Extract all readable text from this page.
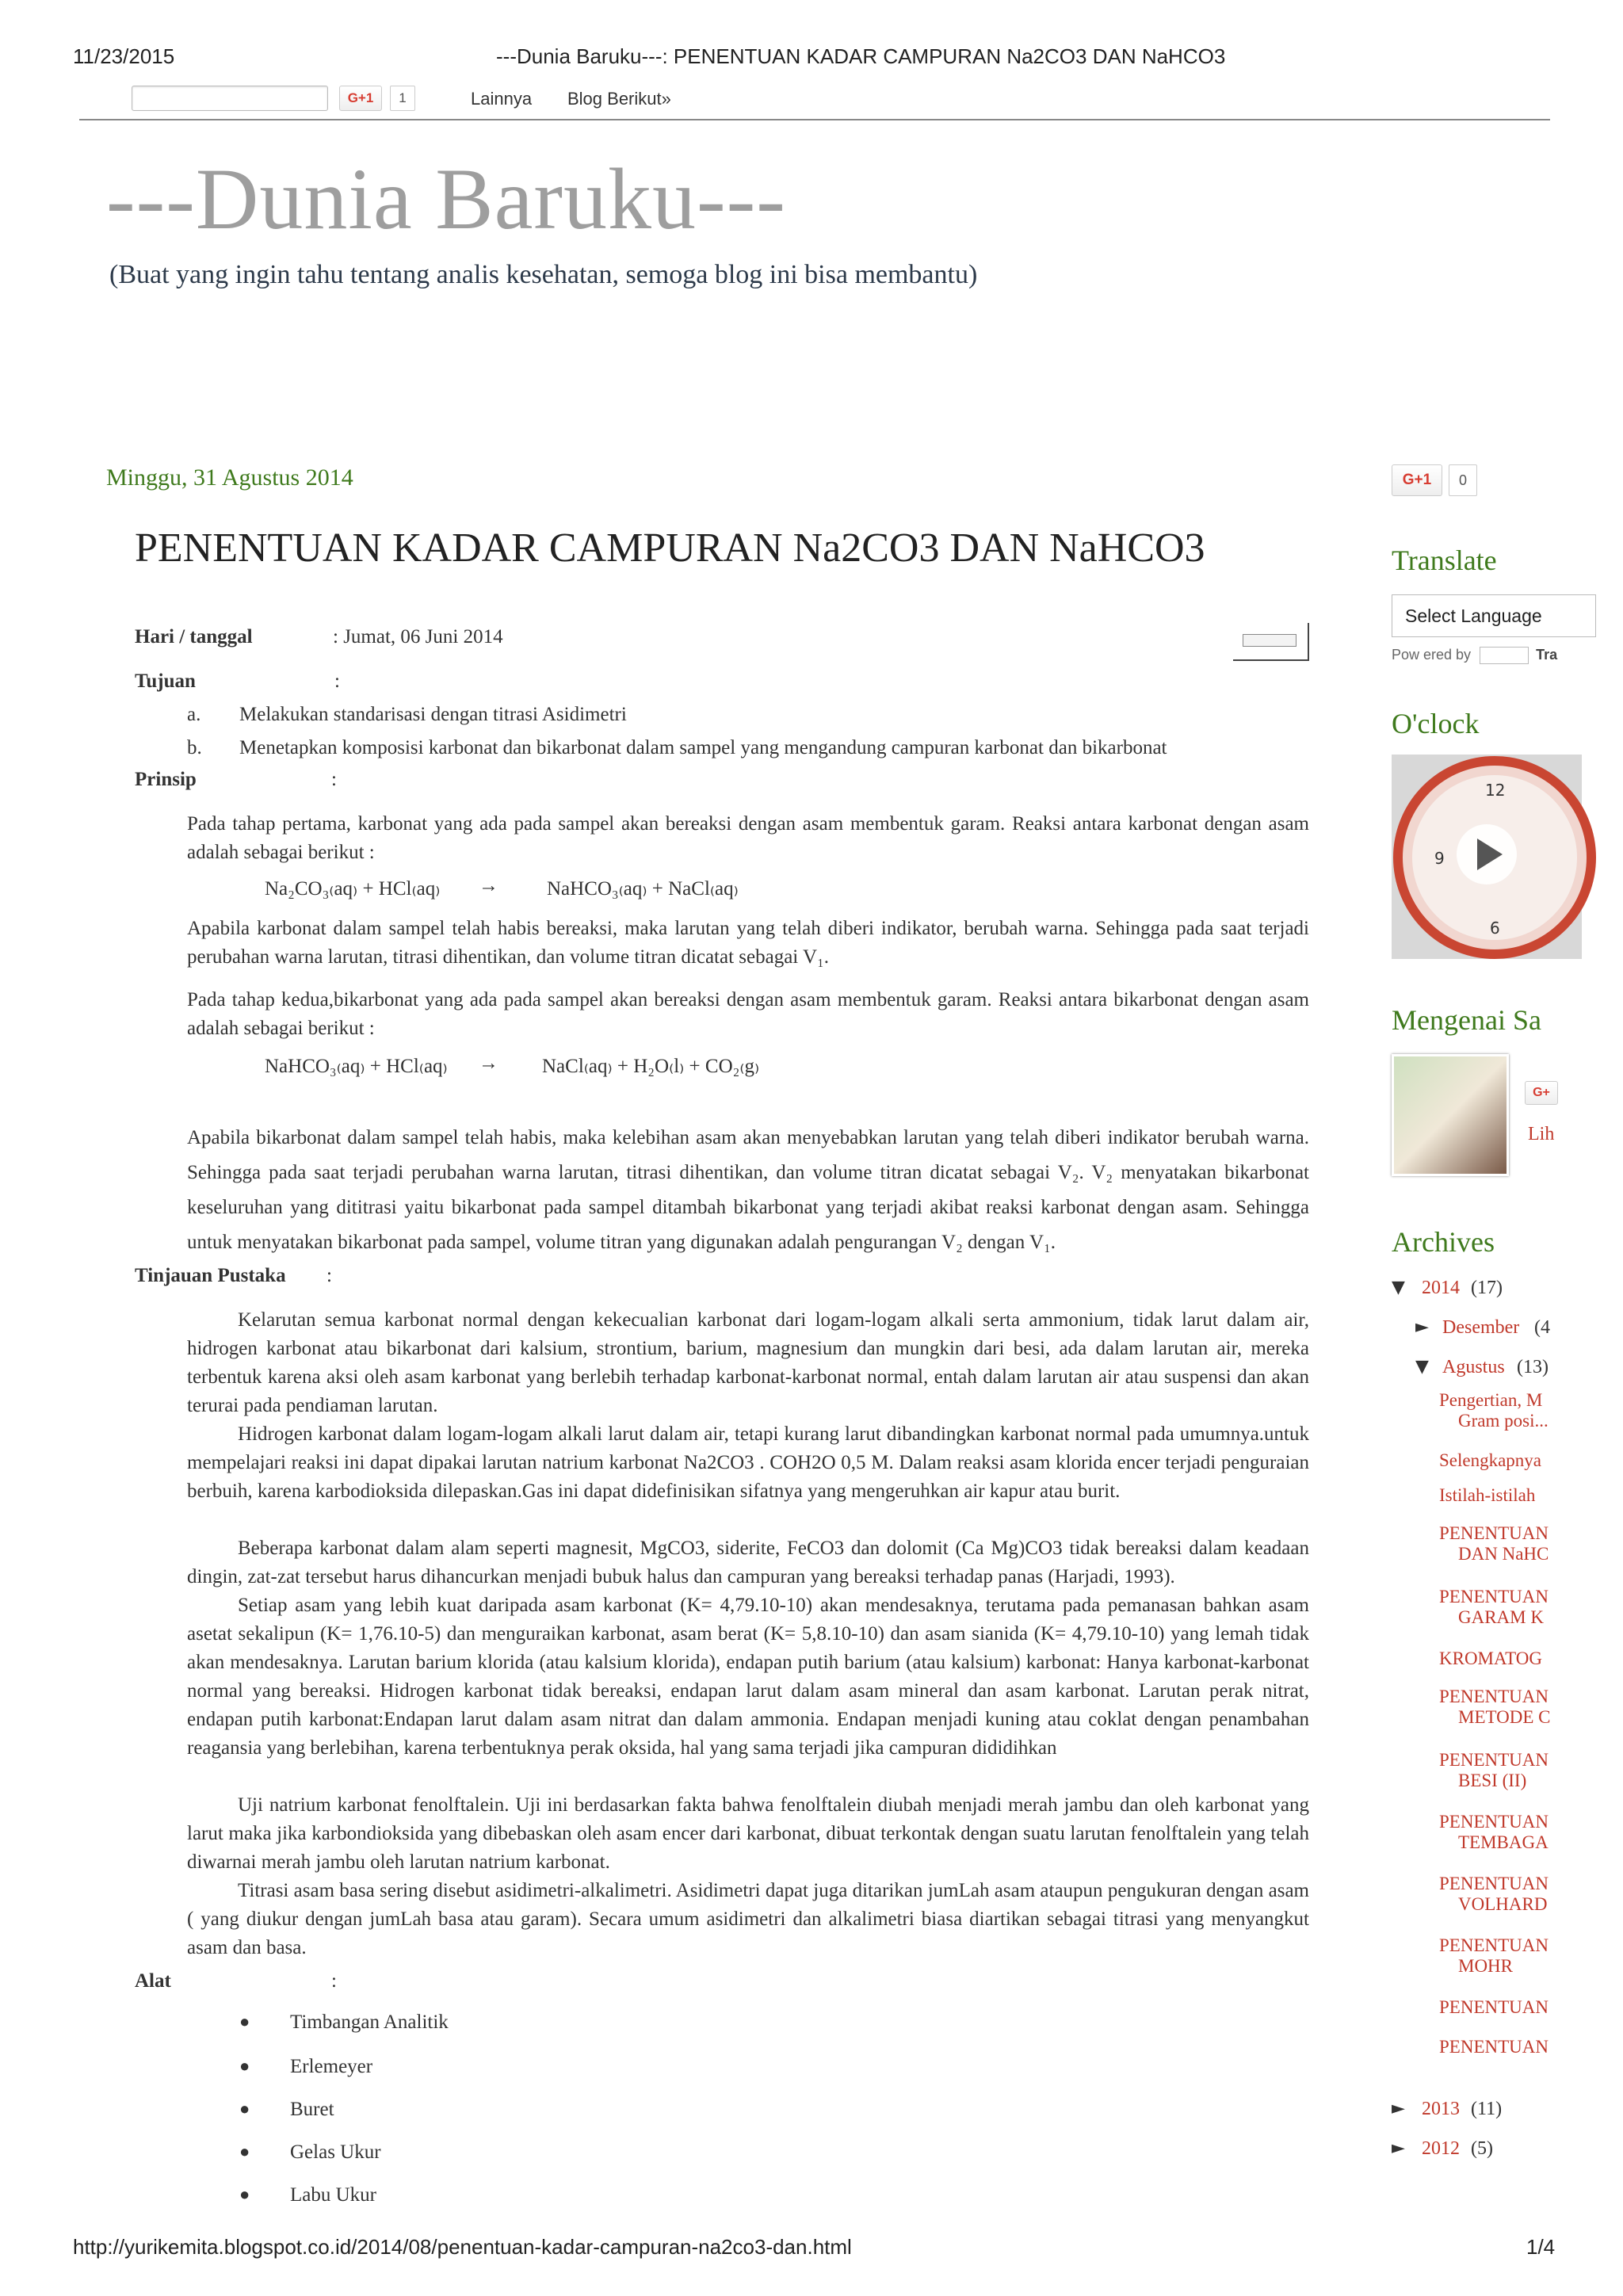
11/23/2015	---Dunia Baruku---: PENENTUAN KADAR CAMPURAN Na2CO3 DAN NaHCO3
G+1	1	Lainnya Blog Berikut»
---Dunia Baruku---
(Buat yang ingin tahu tentang analis kesehatan, semoga blog ini bisa membantu)
Minggu, 31 Agustus 2014
PENENTUAN KADAR CAMPURAN Na2CO3 DAN NaHCO3
Hari / tanggal	: Jumat, 06 Juni 2014
Tujuan	:
a. Melakukan standarisasi dengan titrasi Asidimetri
b. Menetapkan komposisi karbonat dan bikarbonat dalam sampel yang mengandung campuran karbonat dan bikarbonat
Prinsip	:
Pada tahap pertama, karbonat yang ada pada sampel akan bereaksi dengan asam membentuk garam. Reaksi antara karbonat dengan asam adalah sebagai berikut :
Na₂CO₃₍aq₎ + HCl₍aq₎ → NaHCO₃₍aq₎ + NaCl₍aq₎
Apabila karbonat dalam sampel telah habis bereaksi, maka larutan yang telah diberi indikator, berubah warna. Sehingga pada saat terjadi perubahan warna larutan, titrasi dihentikan, dan volume titran dicatat sebagai V₁.
Pada tahap kedua,bikarbonat yang ada pada sampel akan bereaksi dengan asam membentuk garam. Reaksi antara bikarbonat dengan asam adalah sebagai berikut :
NaHCO₃₍aq₎ + HCl₍aq₎ → NaCl₍aq₎ + H₂O₍l₎ + CO₂₍g₎
Apabila bikarbonat dalam sampel telah habis, maka kelebihan asam akan menyebabkan larutan yang telah diberi indikator berubah warna. Sehingga pada saat terjadi perubahan warna larutan, titrasi dihentikan, dan volume titran dicatat sebagai V₂. V₂ menyatakan bikarbonat keseluruhan yang dititrasi yaitu bikarbonat pada sampel ditambah bikarbonat yang terjadi akibat reaksi karbonat dengan asam. Sehingga untuk menyatakan bikarbonat pada sampel, volume titran yang digunakan adalah pengurangan V₂ dengan V₁.
Tinjauan Pustaka :
Kelarutan semua karbonat normal dengan kekecualian karbonat dari logam-logam alkali serta ammonium, tidak larut dalam air, hidrogen karbonat atau bikarbonat dari kalsium, strontium, barium, magnesium dan mungkin dari besi, ada dalam larutan air, mereka terbentuk karena aksi oleh asam karbonat yang berlebih terhadap karbonat-karbonat normal, entah dalam larutan air atau suspensi dan akan terurai pada pendiaman larutan.
Hidrogen karbonat dalam logam-logam alkali larut dalam air, tetapi kurang larut dibandingkan karbonat normal pada umumnya.untuk mempelajari reaksi ini dapat dipakai larutan natrium karbonat Na2CO3 . COH2O 0,5 M. Dalam reaksi asam klorida encer terjadi penguraian berbuih, karena karbodioksida dilepaskan.Gas ini dapat didefinisikan sifatnya yang mengeruhkan air kapur atau burit.
Beberapa karbonat dalam alam seperti magnesit, MgCO3, siderite, FeCO3 dan dolomit (Ca Mg)CO3 tidak bereaksi dalam keadaan dingin, zat-zat tersebut harus dihancurkan menjadi bubuk halus dan campuran yang bereaksi terhadap panas (Harjadi, 1993).
Setiap asam yang lebih kuat daripada asam karbonat (K= 4,79.10-10) akan mendesaknya, terutama pada pemanasan bahkan asam asetat sekalipun (K= 1,76.10-5) dan menguraikan karbonat, asam berat (K= 5,8.10-10) dan asam sianida (K= 4,79.10-10) yang lemah tidak akan mendesaknya. Larutan barium klorida (atau kalsium klorida), endapan putih barium (atau kalsium) karbonat: Hanya karbonat-karbonat normal yang bereaksi. Hidrogen karbonat tidak bereaksi, endapan larut dalam asam mineral dan asam karbonat. Larutan perak nitrat, endapan putih karbonat:Endapan larut dalam asam nitrat dan dalam ammonia. Endapan menjadi kuning atau coklat dengan penambahan reagansia yang berlebihan, karena terbentuknya perak oksida, hal yang sama terjadi jika campuran dididihkan
Uji natrium karbonat fenolftalein. Uji ini berdasarkan fakta bahwa fenolftalein diubah menjadi merah jambu dan oleh karbonat yang larut maka jika karbondioksida yang dibebaskan oleh asam encer dari karbonat, dibuat terkontak dengan suatu larutan fenolftalein yang telah diwarnai merah jambu oleh larutan natrium karbonat.
Titrasi asam basa sering disebut asidimetri-alkalimetri. Asidimetri dapat juga ditarikan jumLah asam ataupun pengukuran dengan asam ( yang diukur dengan jumLah basa atau garam). Secara umum asidimetri dan alkalimetri biasa diartikan sebagai titrasi yang menyangkut asam dan basa.
Alat	:
● Timbangan Analitik
● Erlemeyer
● Buret
● Gelas Ukur
● Labu Ukur
G+1	0
Translate
Select Language
Pow ered by	Tra
O'clock
12
9
6
Mengenai Sa
G+
Lih
Archives
▼ 2014 (17)
► Desember (4
▼ Agustus (13)
Pengertian, M
Gram posi...
Selengkapnya
Istilah-istilah
PENENTUAN
DAN NaHC
PENENTUAN
GARAM K
KROMATOG
PENENTUAN
METODE C
PENENTUAN
BESI (II)
PENENTUAN
TEMBAGA
PENENTUAN
VOLHARD
PENENTUAN
MOHR
PENENTUAN
PENENTUAN
► 2013 (11)
► 2012 (5)
http://yurikemita.blogspot.co.id/2014/08/penentuan-kadar-campuran-na2co3-dan.html	1/4
